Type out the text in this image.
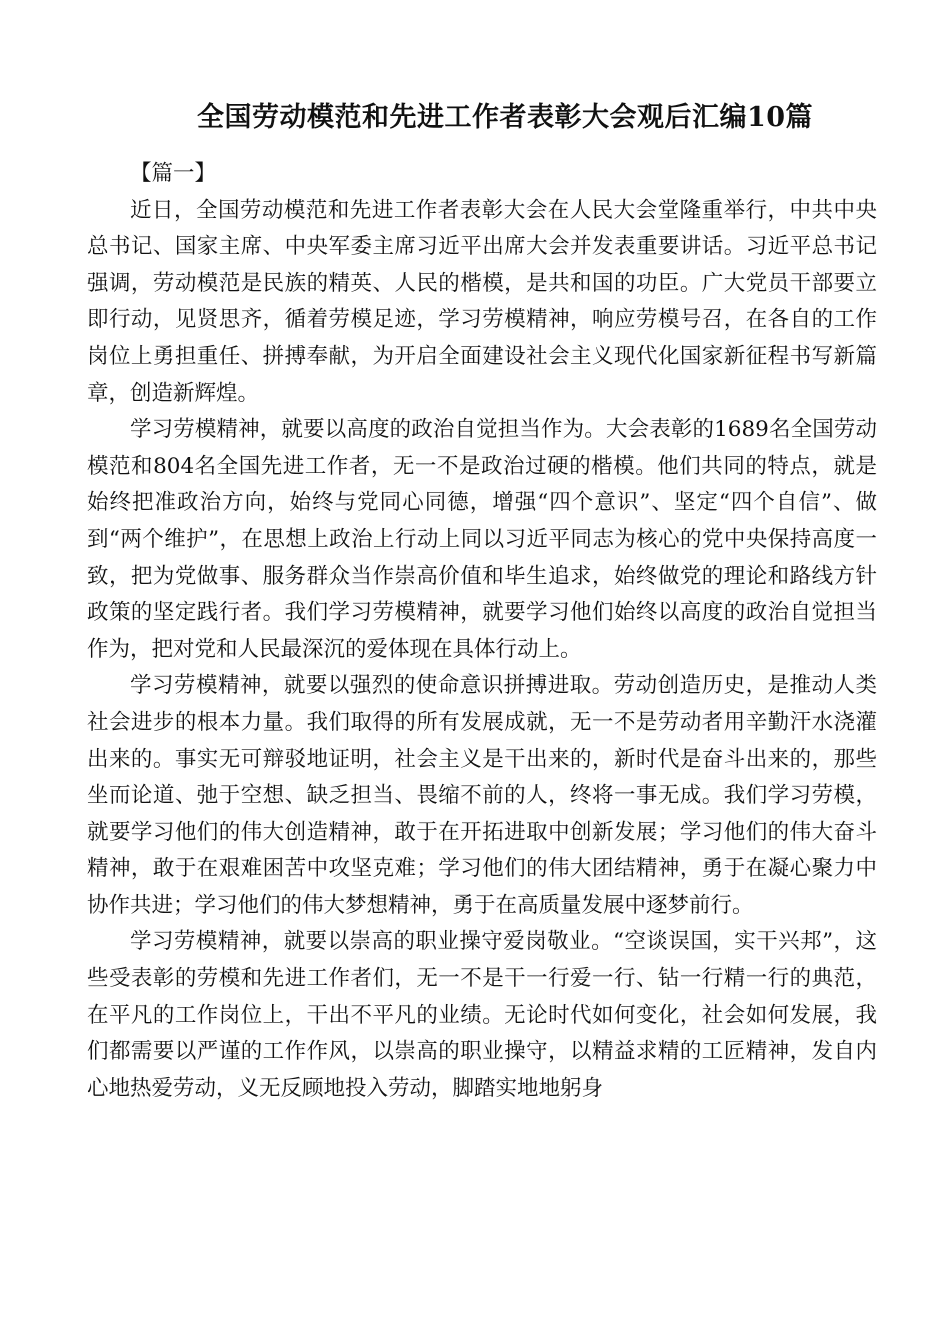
全国劳动模范和先进工作者表彰大会观后汇编10篇

【篇一】

近日，全国劳动模范和先进工作者表彰大会在人民大会堂隆重举行，中共中央总书记、国家主席、中央军委主席习近平出席大会并发表重要讲话。习近平总书记强调，劳动模范是民族的精英、人民的楷模，是共和国的功臣。广大党员干部要立即行动，见贤思齐，循着劳模足迹，学习劳模精神，响应劳模号召，在各自的工作岗位上勇担重任、拼搏奉献，为开启全面建设社会主义现代化国家新征程书写新篇章，创造新辉煌。

学习劳模精神，就要以高度的政治自觉担当作为。大会表彰的1689名全国劳动模范和804名全国先进工作者，无一不是政治过硬的楷模。他们共同的特点，就是始终把准政治方向，始终与党同心同德，增强“四个意识”、坚定“四个自信”、做到“两个维护”，在思想上政治上行动上同以习近平同志为核心的党中央保持高度一致，把为党做事、服务群众当作崇高价值和毕生追求，始终做党的理论和路线方针政策的坚定践行者。我们学习劳模精神，就要学习他们始终以高度的政治自觉担当作为，把对党和人民最深沉的爱体现在具体行动上。

学习劳模精神，就要以强烈的使命意识拼搏进取。劳动创造历史，是推动人类社会进步的根本力量。我们取得的所有发展成就，无一不是劳动者用辛勤汗水浇灌出来的。事实无可辩驳地证明，社会主义是干出来的，新时代是奋斗出来的，那些坐而论道、弛于空想、缺乏担当、畏缩不前的人，终将一事无成。我们学习劳模，就要学习他们的伟大创造精神，敢于在开拓进取中创新发展；学习他们的伟大奋斗精神，敢于在艰难困苦中攻坚克难；学习他们的伟大团结精神，勇于在凝心聚力中协作共进；学习他们的伟大梦想精神，勇于在高质量发展中逐梦前行。

学习劳模精神，就要以崇高的职业操守爱岗敬业。“空谈误国，实干兴邦”，这些受表彰的劳模和先进工作者们，无一不是干一行爱一行、钻一行精一行的典范，在平凡的工作岗位上，干出不平凡的业绩。无论时代如何变化，社会如何发展，我们都需要以严谨的工作作风，以崇高的职业操守，以精益求精的工匠精神，发自内心地热爱劳动，义无反顾地投入劳动，脚踏实地地躬身
